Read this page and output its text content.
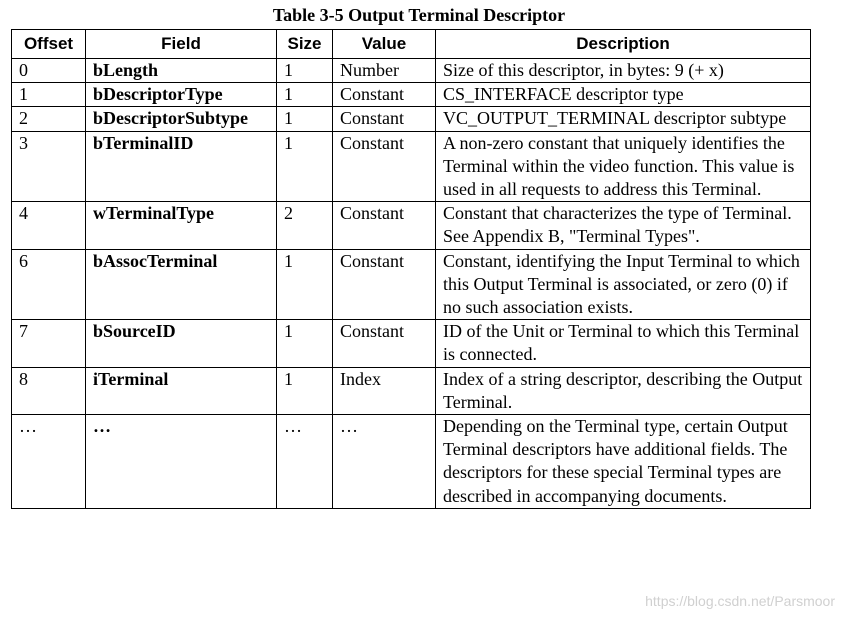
Table 3-5 Output Terminal Descriptor
Offset	Field	Size	Value	Description
0	bLength	1	Number	Size of this descriptor, in bytes: 9 (+ x)
1	bDescriptorType	1	Constant	CS_INTERFACE descriptor type
2	bDescriptorSubtype	1	Constant	VC_OUTPUT_TERMINAL descriptor subtype
3	bTerminalID	1	Constant	A non-zero constant that uniquely identifies the Terminal within the video function. This value is used in all requests to address this Terminal.
4	wTerminalType	2	Constant	Constant that characterizes the type of Terminal. See Appendix B, "Terminal Types".
6	bAssocTerminal	1	Constant	Constant, identifying the Input Terminal to which this Output Terminal is associated, or zero (0) if no such association exists.
7	bSourceID	1	Constant	ID of the Unit or Terminal to which this Terminal is connected.
8	iTerminal	1	Index	Index of a string descriptor, describing the Output Terminal.
…	…	…	…	Depending on the Terminal type, certain Output Terminal descriptors have additional fields. The descriptors for these special Terminal types are described in accompanying documents.
https://blog.csdn.net/Parsmoor
